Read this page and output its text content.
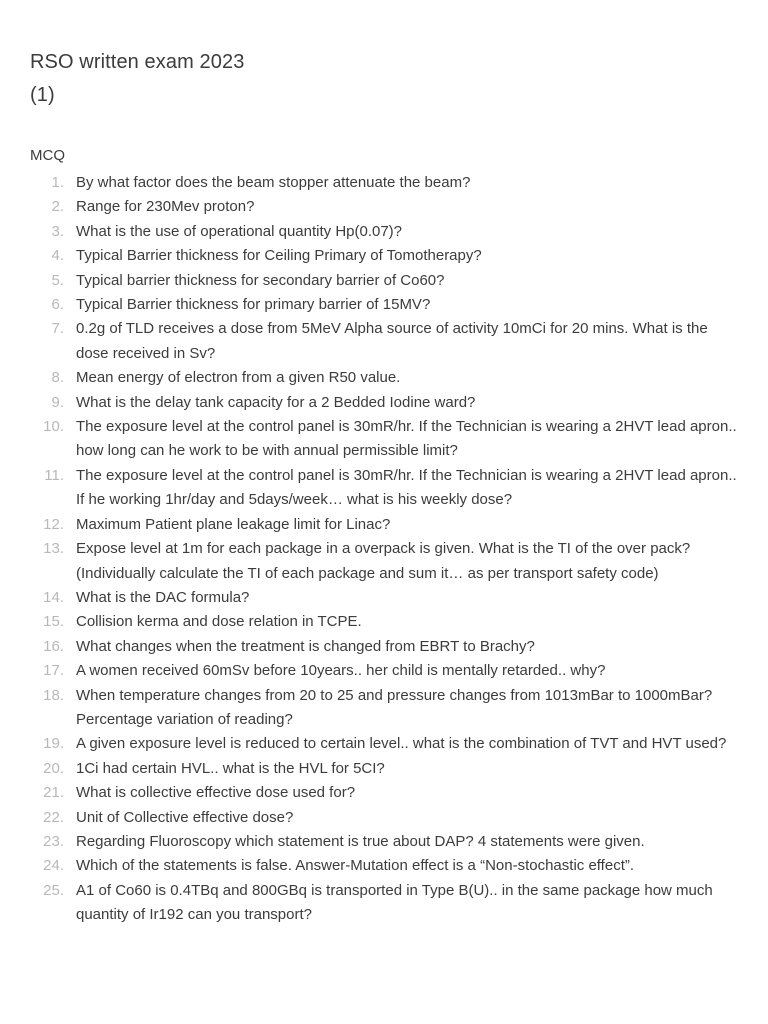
RSO written exam 2023
(1)
MCQ
1. By what factor does the beam stopper attenuate the beam?
2. Range for 230Mev proton?
3. What is the use of operational quantity Hp(0.07)?
4. Typical Barrier thickness for Ceiling Primary of Tomotherapy?
5. Typical barrier thickness for secondary barrier of Co60?
6. Typical Barrier thickness for primary barrier of 15MV?
7. 0.2g of TLD receives a dose from 5MeV Alpha source of activity 10mCi for 20 mins. What is the dose received in Sv?
8. Mean energy of electron from a given R50 value.
9. What is the delay tank capacity for a 2 Bedded Iodine ward?
10. The exposure level at the control panel is 30mR/hr. If the Technician is wearing a 2HVT lead apron.. how long can he work to be with annual permissible limit?
11. The exposure level at the control panel is 30mR/hr. If the Technician is wearing a 2HVT lead apron.. If he working 1hr/day and 5days/week… what is his weekly dose?
12. Maximum Patient plane leakage limit for Linac?
13. Expose level at 1m for each package in a overpack is given. What is the TI of the over pack? (Individually calculate the TI of each package and sum it… as per transport safety code)
14. What is the DAC formula?
15. Collision kerma and dose relation in TCPE.
16. What changes when the treatment is changed from EBRT to Brachy?
17. A women received 60mSv before 10years.. her child is mentally retarded.. why?
18. When temperature changes from 20 to 25 and pressure changes from 1013mBar to 1000mBar? Percentage variation of reading?
19. A given exposure level is reduced to certain level.. what is the combination of TVT and HVT used?
20. 1Ci had certain HVL.. what is the HVL for 5CI?
21. What is collective effective dose used for?
22. Unit of Collective effective dose?
23. Regarding Fluoroscopy which statement is true about DAP? 4 statements were given.
24. Which of the statements is false. Answer-Mutation effect is a “Non-stochastic effect”.
25. A1 of Co60 is 0.4TBq and 800GBq is transported in Type B(U).. in the same package how much quantity of Ir192 can you transport?
